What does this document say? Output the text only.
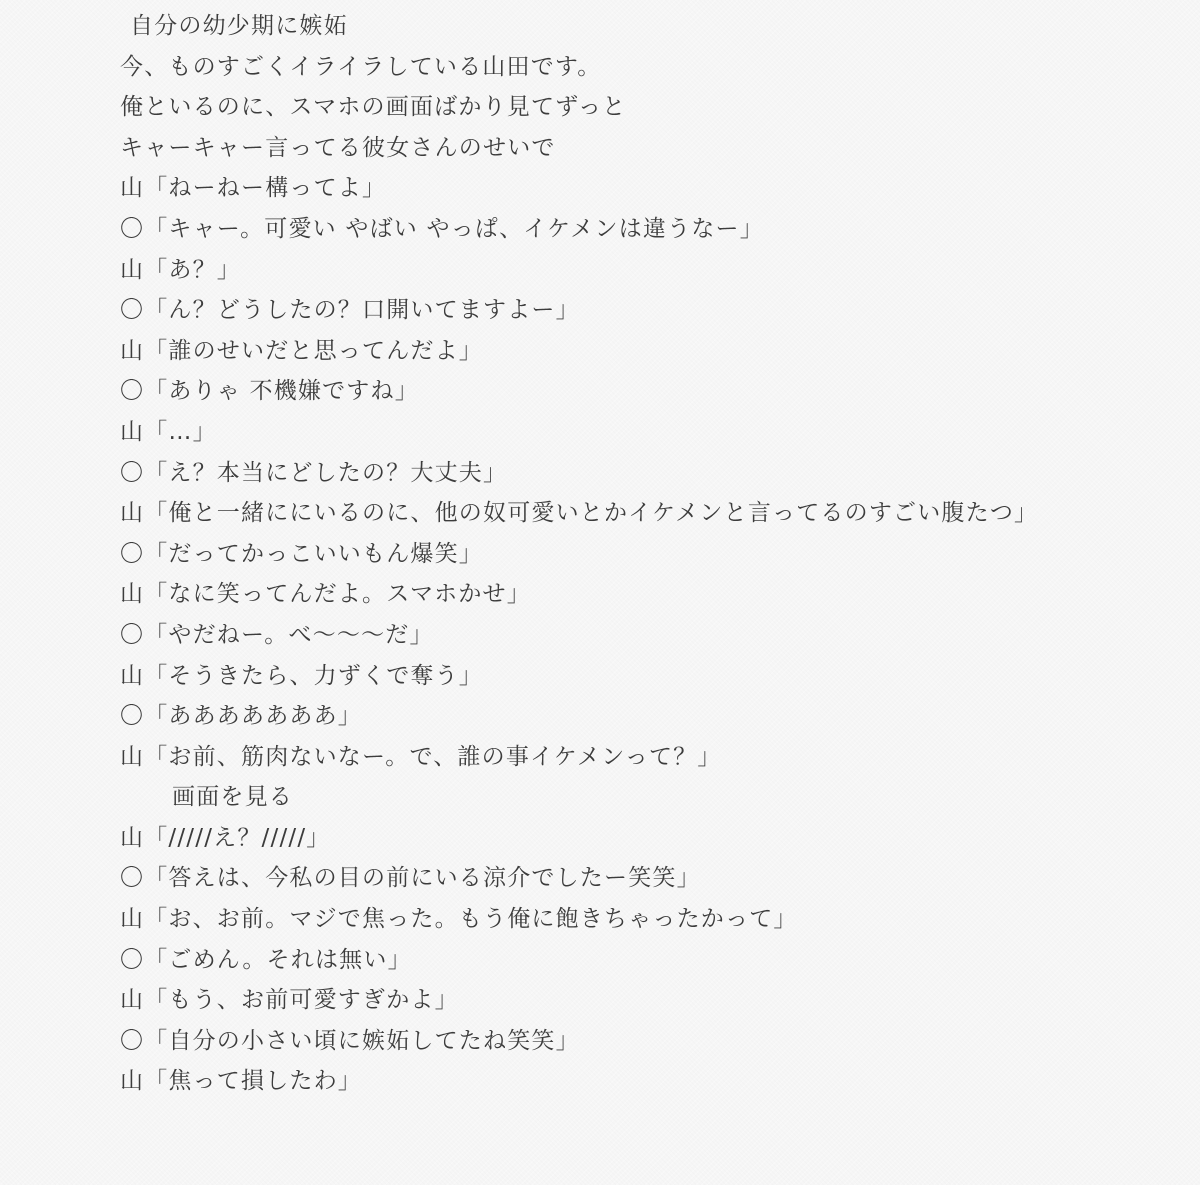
自分の幼少期に嫉妬
今、ものすごくイライラしている山田です。
俺といるのに、スマホの画面ばかり見てずっと
キャーキャー言ってる彼女さんのせいで
山「ねーねー構ってよ」
〇「キャー。可愛い やばい やっぱ、イケメンは違うなー」
山「あ？」
〇「ん？どうしたの？口開いてますよー」
山「誰のせいだと思ってんだよ」
〇「ありゃ 不機嫌ですね」
山「…」
〇「え？本当にどしたの？大丈夫」
山「俺と一緒ににいるのに、他の奴可愛いとかイケメンと言ってるのすごい腹たつ」
〇「だってかっこいいもん爆笑」
山「なに笑ってんだよ。スマホかせ」
〇「やだねー。べ〜〜〜だ」
山「そうきたら、力ずくで奪う」
〇「あああああああ」
山「お前、筋肉ないなー。で、誰の事イケメンって？」
画面を見る
山「/////え？/////」
〇「答えは、今私の目の前にいる涼介でしたー笑笑」
山「お、お前。マジで焦った。もう俺に飽きちゃったかって」
〇「ごめん。それは無い」
山「もう、お前可愛すぎかよ」
〇「自分の小さい頃に嫉妬してたね笑笑」
山「焦って損したわ」
